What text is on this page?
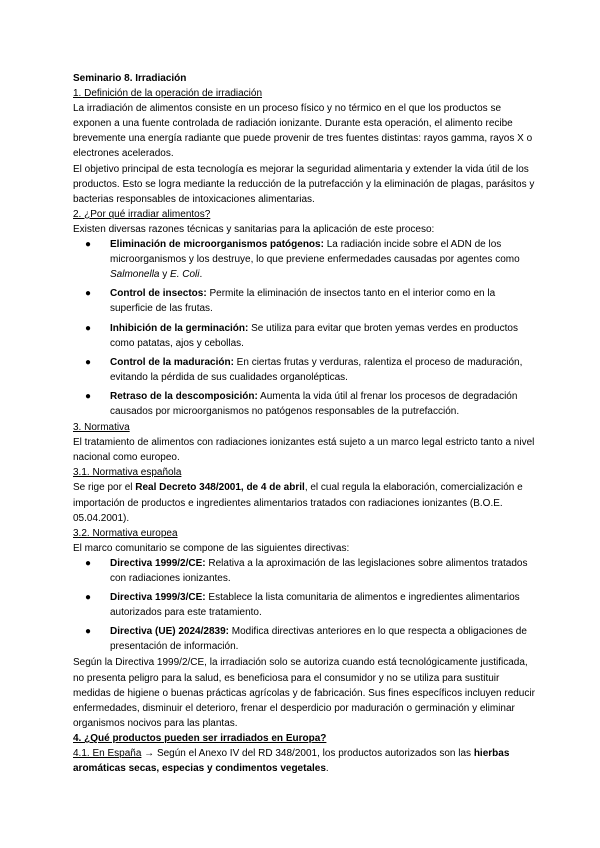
Seminario 8. Irradiación

1. Definición de la operación de irradiación

La irradiación de alimentos consiste en un proceso físico y no térmico en el que los productos se exponen a una fuente controlada de radiación ionizante. Durante esta operación, el alimento recibe brevemente una energía radiante que puede provenir de tres fuentes distintas: rayos gamma, rayos X o electrones acelerados.

El objetivo principal de esta tecnología es mejorar la seguridad alimentaria y extender la vida útil de los productos. Esto se logra mediante la reducción de la putrefacción y la eliminación de plagas, parásitos y bacterias responsables de intoxicaciones alimentarias.

2. ¿Por qué irradiar alimentos?

Existen diversas razones técnicas y sanitarias para la aplicación de este proceso:

● Eliminación de microorganismos patógenos: La radiación incide sobre el ADN de los microorganismos y los destruye, lo que previene enfermedades causadas por agentes como Salmonella y E. Coli.
● Control de insectos: Permite la eliminación de insectos tanto en el interior como en la superficie de las frutas.
● Inhibición de la germinación: Se utiliza para evitar que broten yemas verdes en productos como patatas, ajos y cebollas.
● Control de la maduración: En ciertas frutas y verduras, ralentiza el proceso de maduración, evitando la pérdida de sus cualidades organolépticas.
● Retraso de la descomposición: Aumenta la vida útil al frenar los procesos de degradación causados por microorganismos no patógenos responsables de la putrefacción.

3. Normativa

El tratamiento de alimentos con radiaciones ionizantes está sujeto a un marco legal estricto tanto a nivel nacional como europeo.

3.1. Normativa española

Se rige por el Real Decreto 348/2001, de 4 de abril, el cual regula la elaboración, comercialización e importación de productos e ingredientes alimentarios tratados con radiaciones ionizantes (B.O.E. 05.04.2001).

3.2. Normativa europea

El marco comunitario se compone de las siguientes directivas:

● Directiva 1999/2/CE: Relativa a la aproximación de las legislaciones sobre alimentos tratados con radiaciones ionizantes.
● Directiva 1999/3/CE: Establece la lista comunitaria de alimentos e ingredientes alimentarios autorizados para este tratamiento.
● Directiva (UE) 2024/2839: Modifica directivas anteriores en lo que respecta a obligaciones de presentación de información.

Según la Directiva 1999/2/CE, la irradiación solo se autoriza cuando está tecnológicamente justificada, no presenta peligro para la salud, es beneficiosa para el consumidor y no se utiliza para sustituir medidas de higiene o buenas prácticas agrícolas y de fabricación. Sus fines específicos incluyen reducir enfermedades, disminuir el deterioro, frenar el desperdicio por maduración o germinación y eliminar organismos nocivos para las plantas.

4. ¿Qué productos pueden ser irradiados en Europa?

4.1. En España → Según el Anexo IV del RD 348/2001, los productos autorizados son las hierbas aromáticas secas, especias y condimentos vegetales.
